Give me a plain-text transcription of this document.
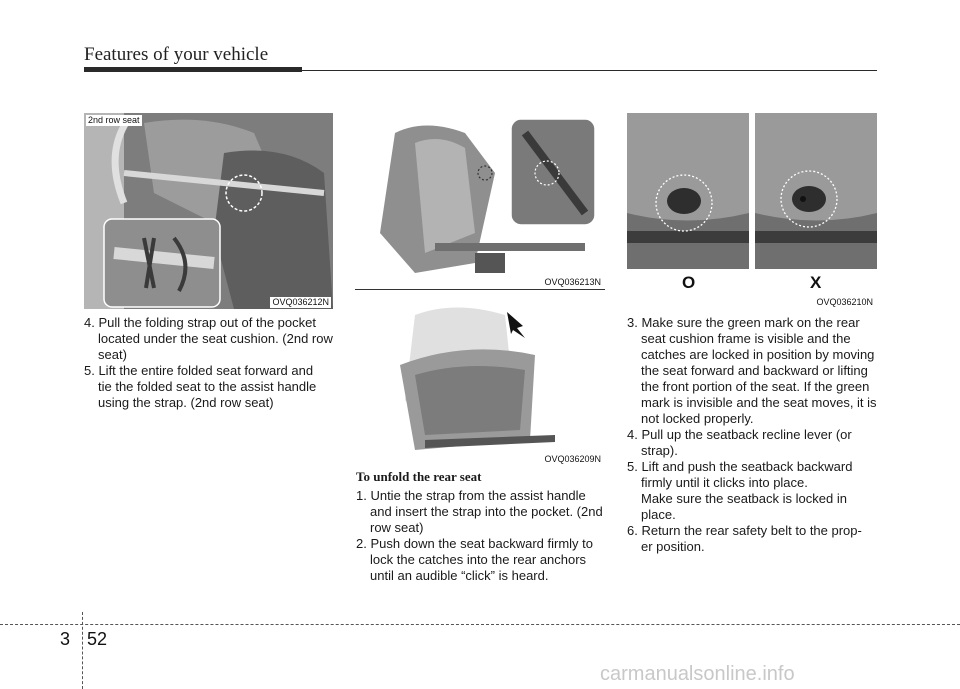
Features of your vehicle
2nd row seat
OVQ036212N
OVQ036213N
OVQ036209N
O	X
OVQ036210N

4. Pull the folding strap out of the pocket
located under the seat cushion. (2nd row seat)

5. Lift the entire folded seat forward and
tie the folded seat to the assist handle using the strap. (2nd row seat)

To unfold the rear seat

1. Untie the strap from the assist handle
and insert the strap into the pocket. (2nd row seat)

2. Push down the seat backward firmly to
lock the catches into the rear anchors until an audible “click” is heard.

3. Make sure the green mark on the rear
seat cushion frame is visible and the catches are locked in position by moving the seat forward and backward or lifting the front portion of the seat. If the green mark is invisible and the seat moves, it is not locked properly.

4. Pull up the seatback recline lever (or
strap).

5. Lift and push the seatback backward
firmly until it clicks into place.

Make sure the seatback is locked in place.

6. Return the rear safety belt to the prop-
er position.

3 52
carmanualsonline.info
